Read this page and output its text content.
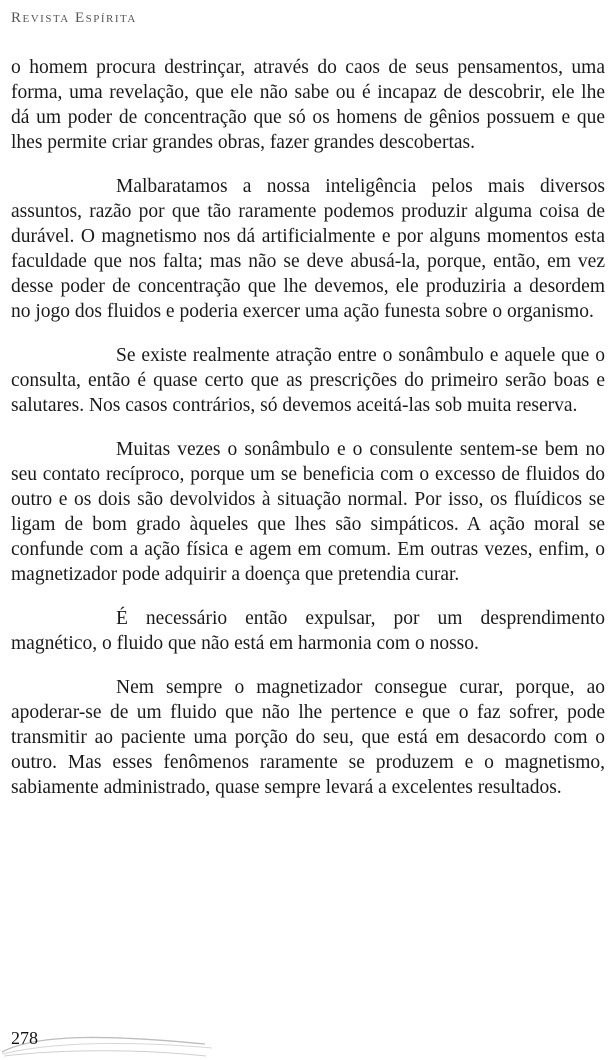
Revista Espírita

o homem procura destrinçar, através do caos de seus pensamentos, uma forma, uma revelação, que ele não sabe ou é incapaz de descobrir, ele lhe dá um poder de concentração que só os homens de gênios possuem e que lhes permite criar grandes obras, fazer grandes descobertas.

Malbaratamos a nossa inteligência pelos mais diversos assuntos, razão por que tão raramente podemos produzir alguma coisa de durável. O magnetismo nos dá artificialmente e por alguns momentos esta faculdade que nos falta; mas não se deve abusá-la, porque, então, em vez desse poder de concentração que lhe devemos, ele produziria a desordem no jogo dos fluidos e poderia exercer uma ação funesta sobre o organismo.

Se existe realmente atração entre o sonâmbulo e aquele que o consulta, então é quase certo que as prescrições do primeiro serão boas e salutares. Nos casos contrários, só devemos aceitá-las sob muita reserva.

Muitas vezes o sonâmbulo e o consulente sentem-se bem no seu contato recíproco, porque um se beneficia com o excesso de fluidos do outro e os dois são devolvidos à situação normal. Por isso, os fluídicos se ligam de bom grado àqueles que lhes são simpáticos. A ação moral se confunde com a ação física e agem em comum. Em outras vezes, enfim, o magnetizador pode adquirir a doença que pretendia curar.

É necessário então expulsar, por um desprendimento magnético, o fluido que não está em harmonia com o nosso.

Nem sempre o magnetizador consegue curar, porque, ao apoderar-se de um fluido que não lhe pertence e que o faz sofrer, pode transmitir ao paciente uma porção do seu, que está em desacordo com o outro. Mas esses fenômenos raramente se produzem e o magnetismo, sabiamente administrado, quase sempre levará a excelentes resultados.

278
